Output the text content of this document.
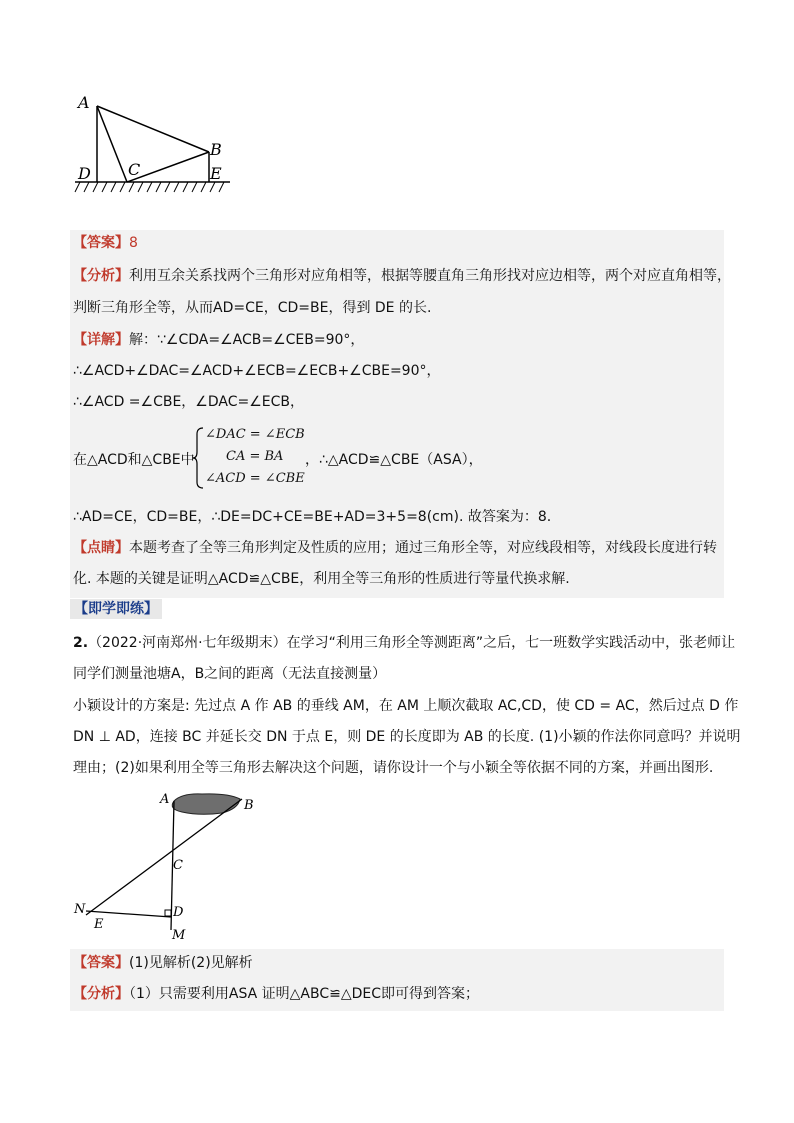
A
B
C
D	E
【答案】8
【分析】利用互余关系找两个三角形对应角相等，根据等腰直角三角形找对应边相等，两个对应直角相等，
判断三角形全等，从而AD=CE，CD=BE，得到 DE 的长.
【详解】解：∵∠CDA=∠ACB=∠CEB=90°，
∴∠ACD+∠DAC=∠ACD+∠ECB=∠ECB+∠CBE=90°，
∴∠ACD =∠CBE，∠DAC=∠ECB，
在△ACD和△CBE中
∠DAC = ∠ECB
CA = BA
∠ACD = ∠CBE
，∴△ACD≌△CBE（ASA），
∴AD=CE，CD=BE，∴DE=DC+CE=BE+AD=3+5=8(cm). 故答案为：8.
【点睛】本题考查了全等三角形判定及性质的应用；通过三角形全等，对应线段相等，对线段长度进行转
化. 本题的关键是证明△ACD≌△CBE，利用全等三角形的性质进行等量代换求解.
【即学即练】
2.（2022·河南郑州·七年级期末）在学习“利用三角形全等测距离”之后，七一班数学实践活动中，张老师让
同学们测量池塘A，B之间的距离（无法直接测量）
小颖设计的方案是: 先过点 A 作 AB 的垂线 AM，在 AM 上顺次截取 AC,CD，使 CD = AC，然后过点 D 作
DN ⊥ AD，连接 BC 并延长交 DN 于点 E，则 DE 的长度即为 AB 的长度. (1)小颖的作法你同意吗？并说明
理由；(2)如果利用全等三角形去解决这个问题，请你设计一个与小颖全等依据不同的方案，并画出图形.
A	B
C
D
E
N
M
【答案】(1)见解析(2)见解析
【分析】（1）只需要利用ASA 证明△ABC≌△DEC即可得到答案；
